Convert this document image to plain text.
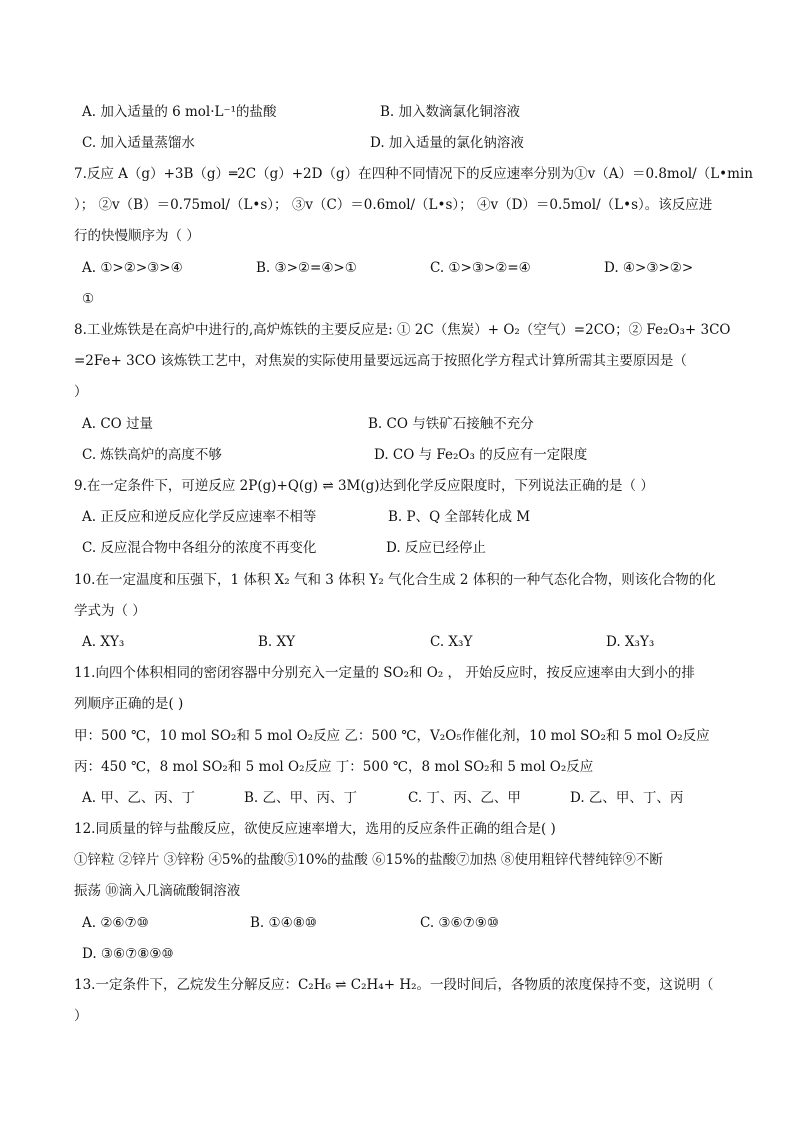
A. 加入适量的 6 mol·L⁻¹的盐酸	B. 加入数滴氯化铜溶液
C. 加入适量蒸馏水	D. 加入适量的氯化钠溶液
7.反应 A（g）+3B（g）═2C（g）+2D（g）在四种不同情况下的反应速率分别为①v（A）＝0.8mol/（L•min
）； ②v（B）＝0.75mol/（L•s）； ③v（C）＝0.6mol/（L•s）； ④v（D）＝0.5mol/（L•s）。该反应进
行的快慢顺序为（ ）
A. ①>②>③>④	B. ③>②=④>①	C. ①>③>②=④	D. ④>③>②>
①
8.工业炼铁是在高炉中进行的,高炉炼铁的主要反应是: ① 2C（焦炭）+ O₂（空气）=2CO；② Fe₂O₃+ 3CO
=2Fe+ 3CO 该炼铁工艺中，对焦炭的实际使用量要远远高于按照化学方程式计算所需其主要原因是（
）
A. CO 过量	B. CO 与铁矿石接触不充分
C. 炼铁高炉的高度不够	D. CO 与 Fe₂O₃ 的反应有一定限度
9.在一定条件下，可逆反应 2P(g)+Q(g) ⇌ 3M(g)达到化学反应限度时，下列说法正确的是（ ）
A. 正反应和逆反应化学反应速率不相等	B. P、Q 全部转化成 M
C. 反应混合物中各组分的浓度不再变化	D. 反应已经停止
10.在一定温度和压强下，1 体积 X₂ 气和 3 体积 Y₂ 气化合生成 2 体积的一种气态化合物，则该化合物的化
学式为（ ）
A. XY₃	B. XY	C. X₃Y	D. X₃Y₃
11.向四个体积相同的密闭容器中分别充入一定量的 SO₂和 O₂ ， 开始反应时，按反应速率由大到小的排
列顺序正确的是( )
甲：500 ℃，10 mol SO₂和 5 mol O₂反应 乙：500 ℃，V₂O₅作催化剂，10 mol SO₂和 5 mol O₂反应
丙：450 ℃，8 mol SO₂和 5 mol O₂反应 丁：500 ℃，8 mol SO₂和 5 mol O₂反应
A. 甲、乙、丙、丁	B. 乙、甲、丙、丁	C. 丁、丙、乙、甲	D. 乙、甲、丁、丙
12.同质量的锌与盐酸反应，欲使反应速率增大，选用的反应条件正确的组合是( )
①锌粒 ②锌片 ③锌粉 ④5%的盐酸⑤10%的盐酸 ⑥15%的盐酸⑦加热 ⑧使用粗锌代替纯锌⑨不断
振荡 ⑩滴入几滴硫酸铜溶液
A. ②⑥⑦⑩	B. ①④⑧⑩	C. ③⑥⑦⑨⑩
D. ③⑥⑦⑧⑨⑩
13.一定条件下，乙烷发生分解反应：C₂H₆ ⇌ C₂H₄+ H₂。一段时间后，各物质的浓度保持不变，这说明（
）
